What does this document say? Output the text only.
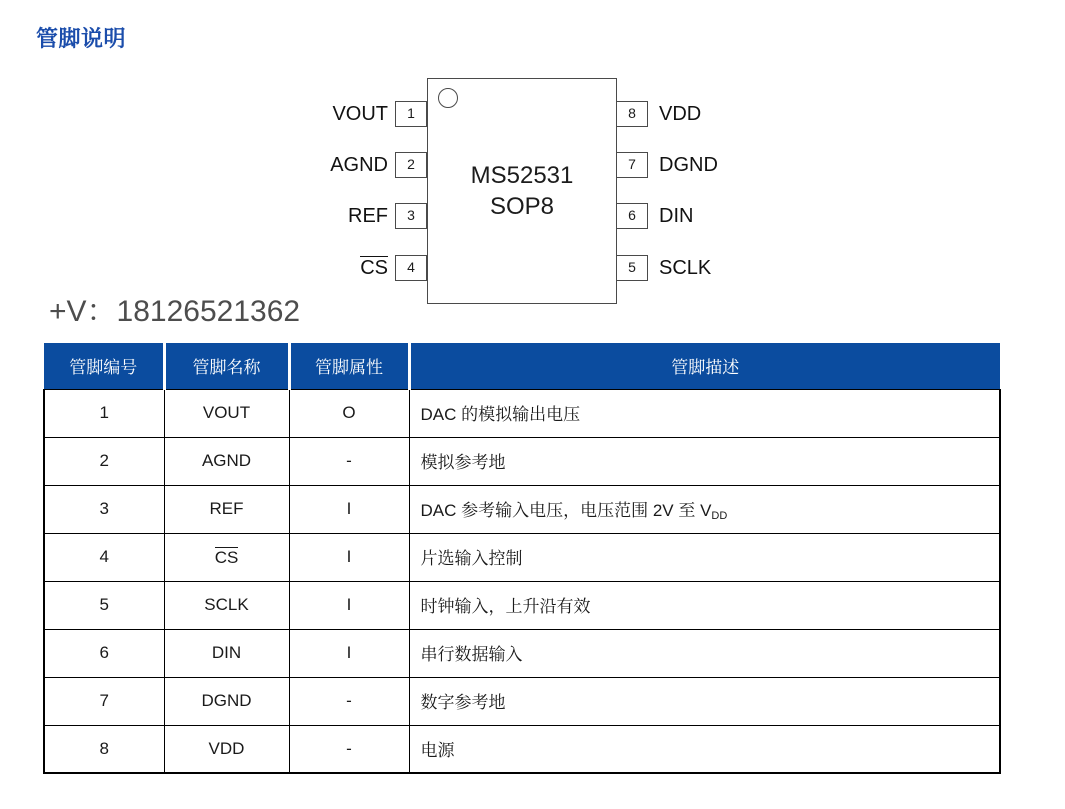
管脚说明
VOUT
AGND
REF
CS
1
2
3
4
MS52531
SOP8
8
7
6
5
VDD
DGND
DIN
SCLK
+V：18126521362
管脚编号	管脚名称	管脚属性	管脚描述
1	VOUT	O	DAC 的模拟输出电压
2	AGND	-	模拟参考地
3	REF	I	DAC 参考输入电压，电压范围 2V 至 $V_{DD}$
4	CS	I	片选输入控制
5	SCLK	I	时钟输入，上升沿有效
6	DIN	I	串行数据输入
7	DGND	-	数字参考地
8	VDD	-	电源
